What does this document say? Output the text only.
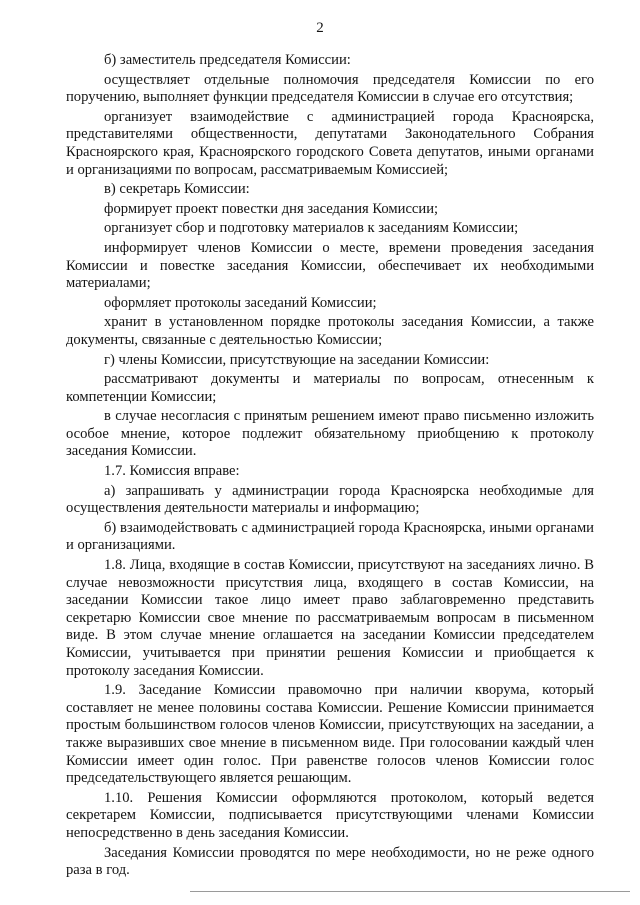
2

б) заместитель председателя Комиссии:

осуществляет отдельные полномочия председателя Комиссии по его поручению, выполняет функции председателя Комиссии в случае его отсутствия;

организует взаимодействие с администрацией города Красноярска, представителями общественности, депутатами Законодательного Собрания Красноярского края, Красноярского городского Совета депутатов, иными органами и организациями по вопросам, рассматриваемым Комиссией;

в) секретарь Комиссии:

формирует проект повестки дня заседания Комиссии;

организует сбор и подготовку материалов к заседаниям Комиссии;

информирует членов Комиссии о месте, времени проведения заседания Комиссии и повестке заседания Комиссии, обеспечивает их необходимыми материалами;

оформляет протоколы заседаний Комиссии;

хранит в установленном порядке протоколы заседания Комиссии, а также документы, связанные с деятельностью Комиссии;

г) члены Комиссии, присутствующие на заседании Комиссии:

рассматривают документы и материалы по вопросам, отнесенным к компетенции Комиссии;

в случае несогласия с принятым решением имеют право письменно изложить особое мнение, которое подлежит обязательному приобщению к протоколу заседания Комиссии.

1.7. Комиссия вправе:

а) запрашивать у администрации города Красноярска необходимые для осуществления деятельности материалы и информацию;

б) взаимодействовать с администрацией города Красноярска, иными органами и организациями.

1.8. Лица, входящие в состав Комиссии, присутствуют на заседаниях лично. В случае невозможности присутствия лица, входящего в состав Комиссии, на заседании Комиссии такое лицо имеет право заблаговременно представить секретарю Комиссии свое мнение по рассматриваемым вопросам в письменном виде. В этом случае мнение оглашается на заседании Комиссии председателем Комиссии, учитывается при принятии решения Комиссии и приобщается к протоколу заседания Комиссии.

1.9. Заседание Комиссии правомочно при наличии кворума, который составляет не менее половины состава Комиссии. Решение Комиссии принимается простым большинством голосов членов Комиссии, присутствующих на заседании, а также выразивших свое мнение в письменном виде. При голосовании каждый член Комиссии имеет один голос. При равенстве голосов членов Комиссии голос председательствующего является решающим.

1.10. Решения Комиссии оформляются протоколом, который ведется секретарем Комиссии, подписывается присутствующими членами Комиссии непосредственно в день заседания Комиссии.

Заседания Комиссии проводятся по мере необходимости, но не реже одного раза в год.
